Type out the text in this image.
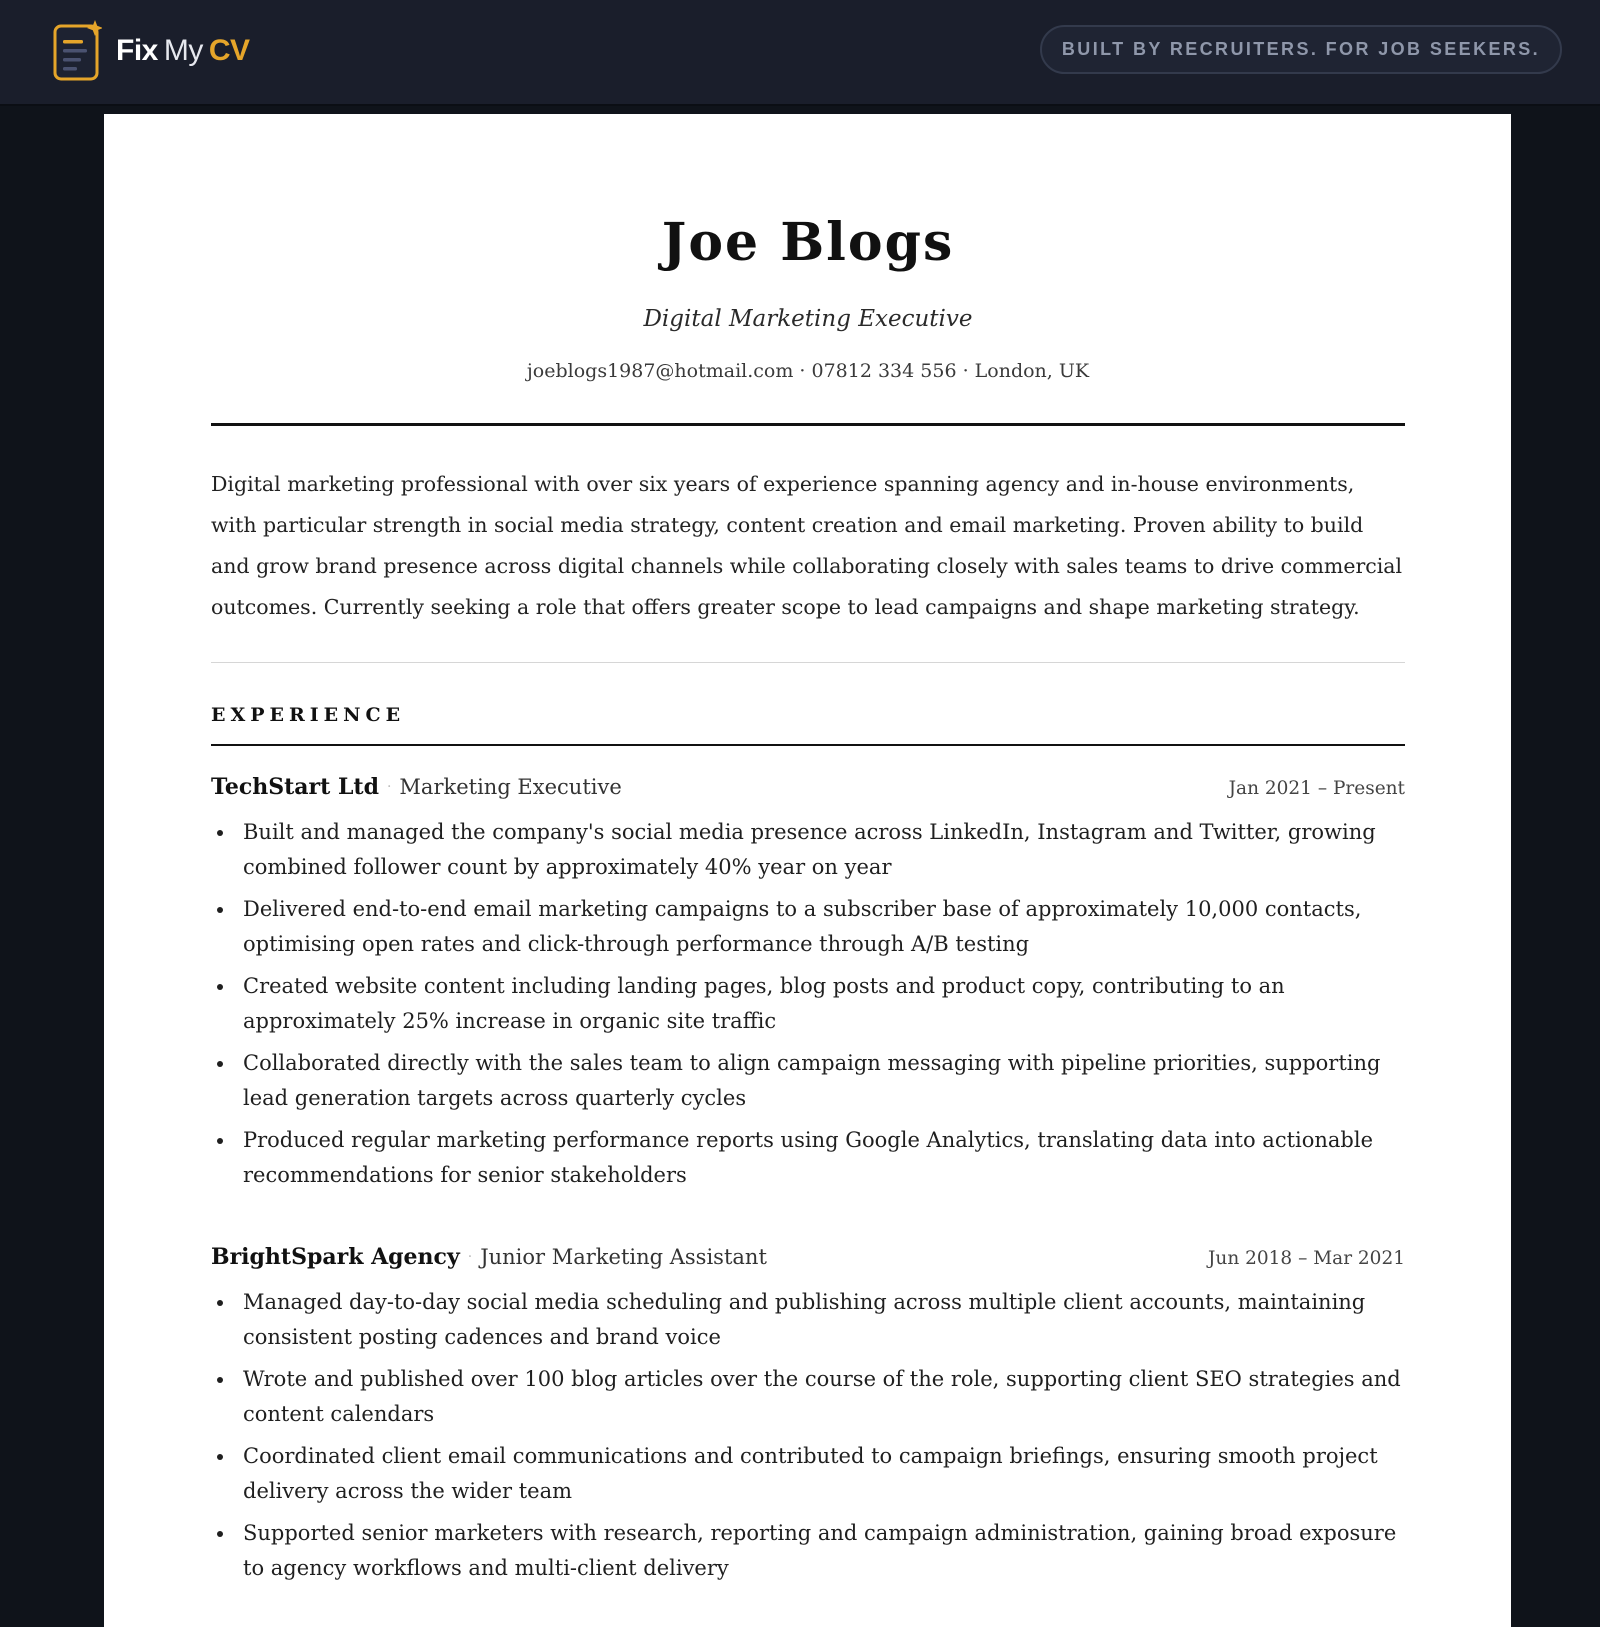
Fix My CV	BUILT BY RECRUITERS. FOR JOB SEEKERS.
Joe Blogs
Digital Marketing Executive
joeblogs1987@hotmail.com · 07812 334 556 · London, UK
Digital marketing professional with over six years of experience spanning agency and in-house environments, with particular strength in social media strategy, content creation and email marketing. Proven ability to build and grow brand presence across digital channels while collaborating closely with sales teams to drive commercial outcomes. Currently seeking a role that offers greater scope to lead campaigns and shape marketing strategy.
EXPERIENCE
TechStart Ltd · Marketing Executive	Jan 2021 – Present
Built and managed the company's social media presence across LinkedIn, Instagram and Twitter, growing combined follower count by approximately 40% year on year
Delivered end-to-end email marketing campaigns to a subscriber base of approximately 10,000 contacts, optimising open rates and click-through performance through A/B testing
Created website content including landing pages, blog posts and product copy, contributing to an approximately 25% increase in organic site traffic
Collaborated directly with the sales team to align campaign messaging with pipeline priorities, supporting lead generation targets across quarterly cycles
Produced regular marketing performance reports using Google Analytics, translating data into actionable recommendations for senior stakeholders
BrightSpark Agency · Junior Marketing Assistant	Jun 2018 – Mar 2021
Managed day-to-day social media scheduling and publishing across multiple client accounts, maintaining consistent posting cadences and brand voice
Wrote and published over 100 blog articles over the course of the role, supporting client SEO strategies and content calendars
Coordinated client email communications and contributed to campaign briefings, ensuring smooth project delivery across the wider team
Supported senior marketers with research, reporting and campaign administration, gaining broad exposure to agency workflows and multi-client delivery
